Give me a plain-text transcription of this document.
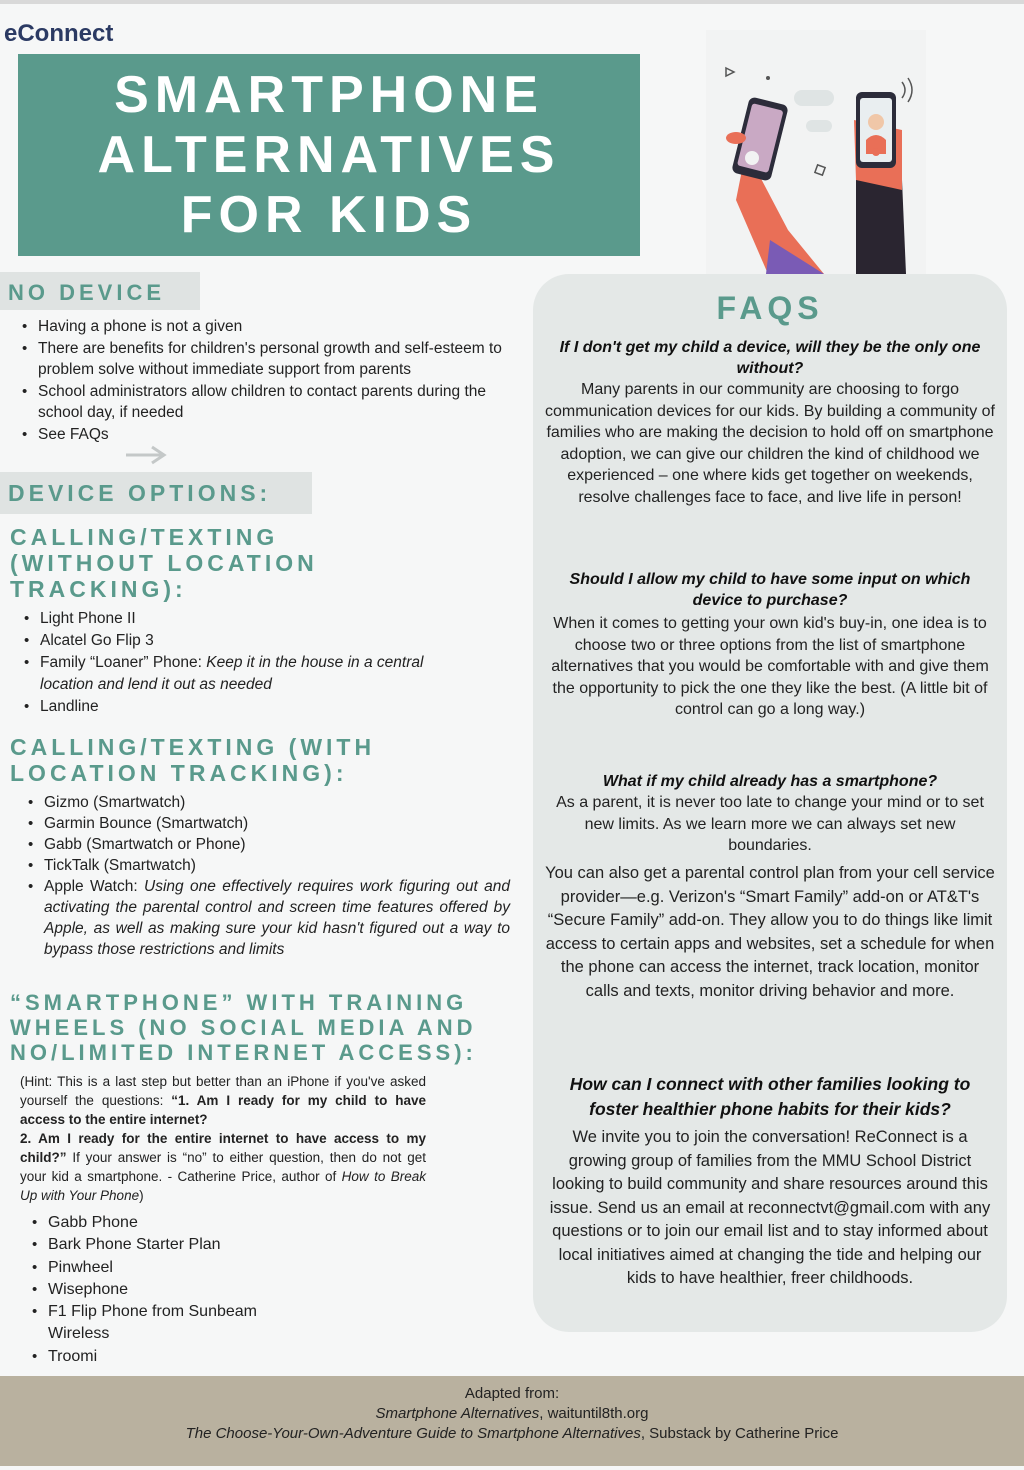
eConnect
SMARTPHONE
ALTERNATIVES
FOR KIDS
NO DEVICE
• Having a phone is not a given
• There are benefits for children's personal growth and self-esteem to problem solve without immediate support from parents
• School administrators allow children to contact parents during the school day, if needed
• See FAQs
DEVICE OPTIONS:
CALLING/TEXTING
(WITHOUT LOCATION
TRACKING):
• Light Phone II
• Alcatel Go Flip 3
• Family “Loaner” Phone: Keep it in the house in a central location and lend it out as needed
• Landline
CALLING/TEXTING (WITH
LOCATION TRACKING):
• Gizmo (Smartwatch)
• Garmin Bounce (Smartwatch)
• Gabb (Smartwatch or Phone)
• TickTalk (Smartwatch)
• Apple Watch: Using one effectively requires work figuring out and activating the parental control and screen time features offered by Apple, as well as making sure your kid hasn't figured out a way to bypass those restrictions and limits
“SMARTPHONE” WITH TRAINING
WHEELS (NO SOCIAL MEDIA AND
NO/LIMITED INTERNET ACCESS):
(Hint: This is a last step but better than an iPhone if you've asked yourself the questions: “1. Am I ready for my child to have access to the entire internet?
2. Am I ready for the entire internet to have access to my child?” If your answer is “no” to either question, then do not get your kid a smartphone. - Catherine Price, author of How to Break Up with Your Phone)
• Gabb Phone
• Bark Phone Starter Plan
• Pinwheel
• Wisephone
• F1 Flip Phone from Sunbeam Wireless
• Troomi
FAQS
If I don't get my child a device, will they be the only one without?
Many parents in our community are choosing to forgo communication devices for our kids. By building a community of families who are making the decision to hold off on smartphone adoption, we can give our children the kind of childhood we experienced – one where kids get together on weekends, resolve challenges face to face, and live life in person!
Should I allow my child to have some input on which device to purchase?
When it comes to getting your own kid's buy-in, one idea is to choose two or three options from the list of smartphone alternatives that you would be comfortable with and give them the opportunity to pick the one they like the best. (A little bit of control can go a long way.)
What if my child already has a smartphone?
As a parent, it is never too late to change your mind or to set new limits. As we learn more we can always set new boundaries.
You can also get a parental control plan from your cell service provider—e.g. Verizon's “Smart Family” add-on or AT&T's “Secure Family” add-on. They allow you to do things like limit access to certain apps and websites, set a schedule for when the phone can access the internet, track location, monitor calls and texts, monitor driving behavior and more.
How can I connect with other families looking to foster healthier phone habits for their kids?
We invite you to join the conversation! ReConnect is a growing group of families from the MMU School District looking to build community and share resources around this issue. Send us an email at reconnectvt@gmail.com with any questions or to join our email list and to stay informed about local initiatives aimed at changing the tide and helping our kids to have healthier, freer childhoods.
Adapted from:
Smartphone Alternatives, waituntil8th.org
The Choose-Your-Own-Adventure Guide to Smartphone Alternatives, Substack by Catherine Price
